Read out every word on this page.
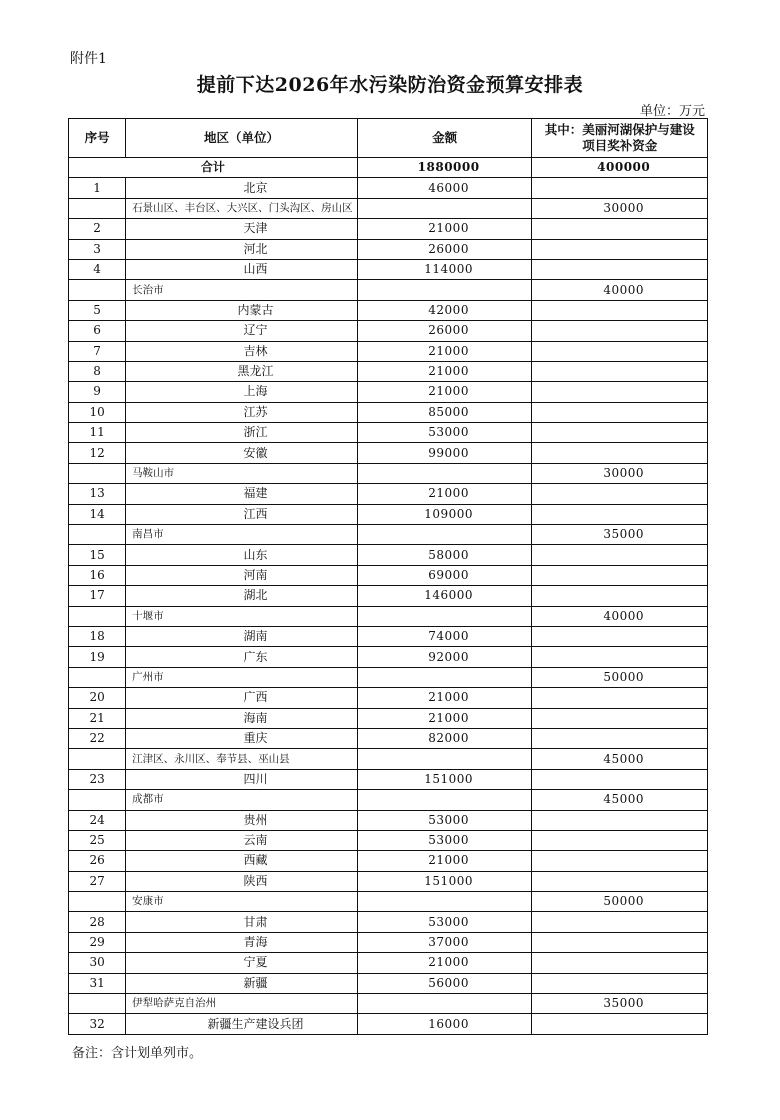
附件1
提前下达2026年水污染防治资金预算安排表
单位：万元
序号	地区（单位）	金额	其中：美丽河湖保护与建设
项目奖补资金
合计		1880000	400000
1	北京	46000	
	石景山区、丰台区、大兴区、门头沟区、房山区		30000
2	天津	21000	
3	河北	26000	
4	山西	114000	
	长治市		40000
5	内蒙古	42000	
6	辽宁	26000	
7	吉林	21000	
8	黑龙江	21000	
9	上海	21000	
10	江苏	85000	
11	浙江	53000	
12	安徽	99000	
	马鞍山市		30000
13	福建	21000	
14	江西	109000	
	南昌市		35000
15	山东	58000	
16	河南	69000	
17	湖北	146000	
	十堰市		40000
18	湖南	74000	
19	广东	92000	
	广州市		50000
20	广西	21000	
21	海南	21000	
22	重庆	82000	
	江津区、永川区、奉节县、巫山县		45000
23	四川	151000	
	成都市		45000
24	贵州	53000	
25	云南	53000	
26	西藏	21000	
27	陕西	151000	
	安康市		50000
28	甘肃	53000	
29	青海	37000	
30	宁夏	21000	
31	新疆	56000	
	伊犁哈萨克自治州		35000
32	新疆生产建设兵团	16000	
备注：含计划单列市。
